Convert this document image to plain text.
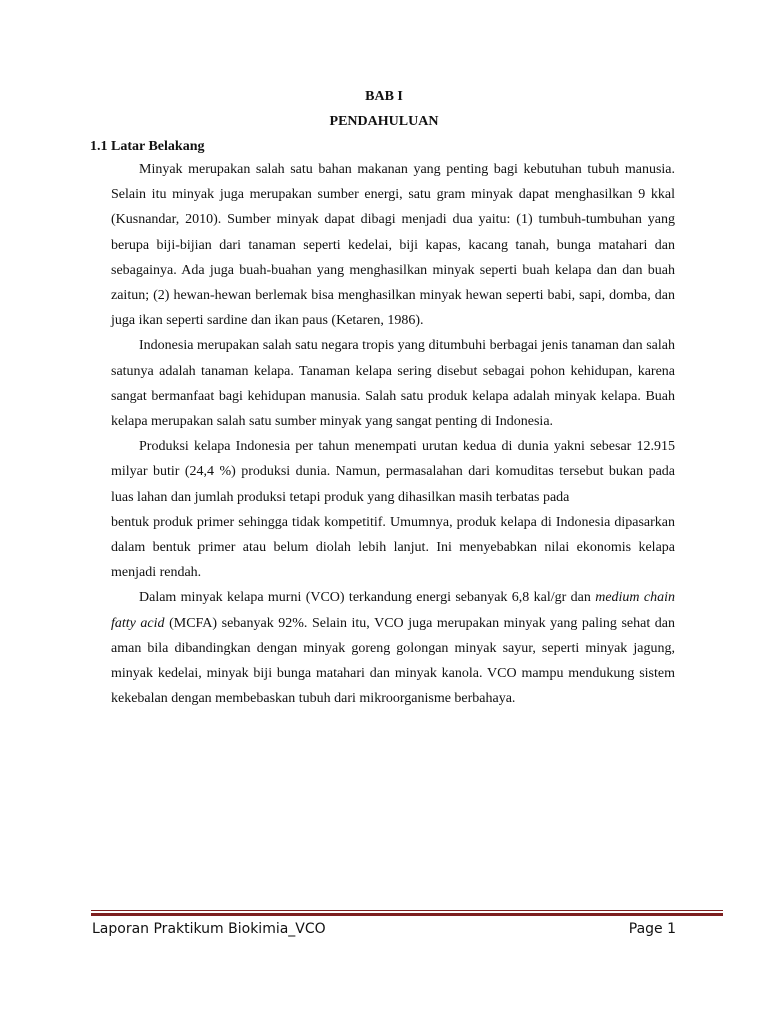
BAB I
PENDAHULUAN
1.1 Latar Belakang

Minyak merupakan salah satu bahan makanan yang penting bagi kebutuhan tubuh manusia. Selain itu minyak juga merupakan sumber energi, satu gram minyak dapat menghasilkan 9 kkal (Kusnandar, 2010). Sumber minyak dapat dibagi menjadi dua yaitu: (1) tumbuh-tumbuhan yang berupa biji-bijian dari tanaman seperti kedelai, biji kapas, kacang tanah, bunga matahari dan sebagainya. Ada juga buah-buahan yang menghasilkan minyak seperti buah kelapa dan dan buah zaitun; (2) hewan-hewan berlemak bisa menghasilkan minyak hewan seperti babi, sapi, domba, dan juga ikan seperti sardine dan ikan paus (Ketaren, 1986).

Indonesia merupakan salah satu negara tropis yang ditumbuhi berbagai jenis tanaman dan salah satunya adalah tanaman kelapa. Tanaman kelapa sering disebut sebagai pohon kehidupan, karena sangat bermanfaat bagi kehidupan manusia. Salah satu produk kelapa adalah minyak kelapa. Buah kelapa merupakan salah satu sumber minyak yang sangat penting di Indonesia.

Produksi kelapa Indonesia per tahun menempati urutan kedua di dunia yakni sebesar 12.915 milyar butir (24,4 %) produksi dunia. Namun, permasalahan dari komuditas tersebut bukan pada luas lahan dan jumlah produksi tetapi produk yang dihasilkan masih terbatas pada

bentuk produk primer sehingga tidak kompetitif. Umumnya, produk kelapa di Indonesia dipasarkan dalam bentuk primer atau belum diolah lebih lanjut. Ini menyebabkan nilai ekonomis kelapa menjadi rendah.

Dalam minyak kelapa murni (VCO) terkandung energi sebanyak 6,8 kal/gr dan medium chain fatty acid (MCFA) sebanyak 92%. Selain itu, VCO juga merupakan minyak yang paling sehat dan aman bila dibandingkan dengan minyak goreng golongan minyak sayur, seperti minyak jagung, minyak kedelai, minyak biji bunga matahari dan minyak kanola. VCO mampu mendukung sistem kekebalan dengan membebaskan tubuh dari mikroorganisme berbahaya.

Laporan Praktikum Biokimia_VCO	Page 1
